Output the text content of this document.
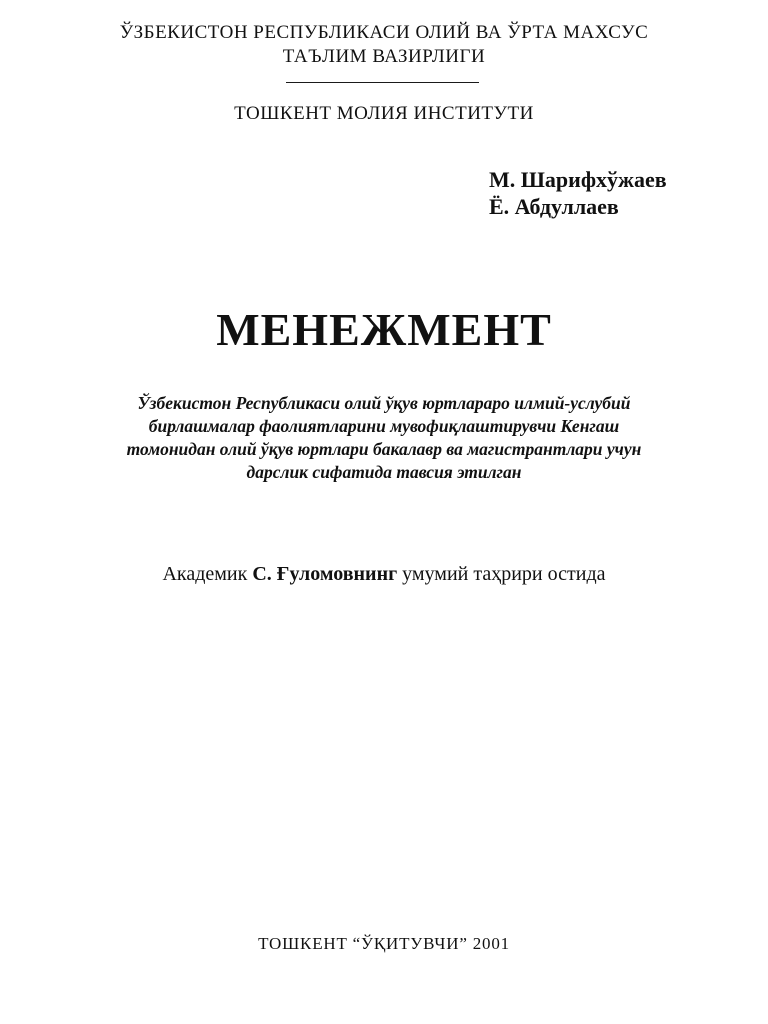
ЎЗБЕКИСТОН РЕСПУБЛИКАСИ ОЛИЙ ВА ЎРТА МАХСУС
ТАЪЛИМ ВАЗИРЛИГИ
ТОШКЕНТ МОЛИЯ ИНСТИТУТИ
М. Шарифхўжаев
Ё. Абдуллаев
МЕНЕЖМЕНТ
Ўзбекистон Республикаси олий ўқув юртлараро илмий-услубий
бирлашмалар фаолиятларини мувофиқлаштирувчи Кенгаш
томонидан олий ўқув юртлари бакалавр ва магистрантлари учун
дарслик сифатида тавсия этилган
Академик С. Ғуломовнинг умумий таҳрири остида
ТОШКЕНТ “ЎҚИТУВЧИ” 2001
